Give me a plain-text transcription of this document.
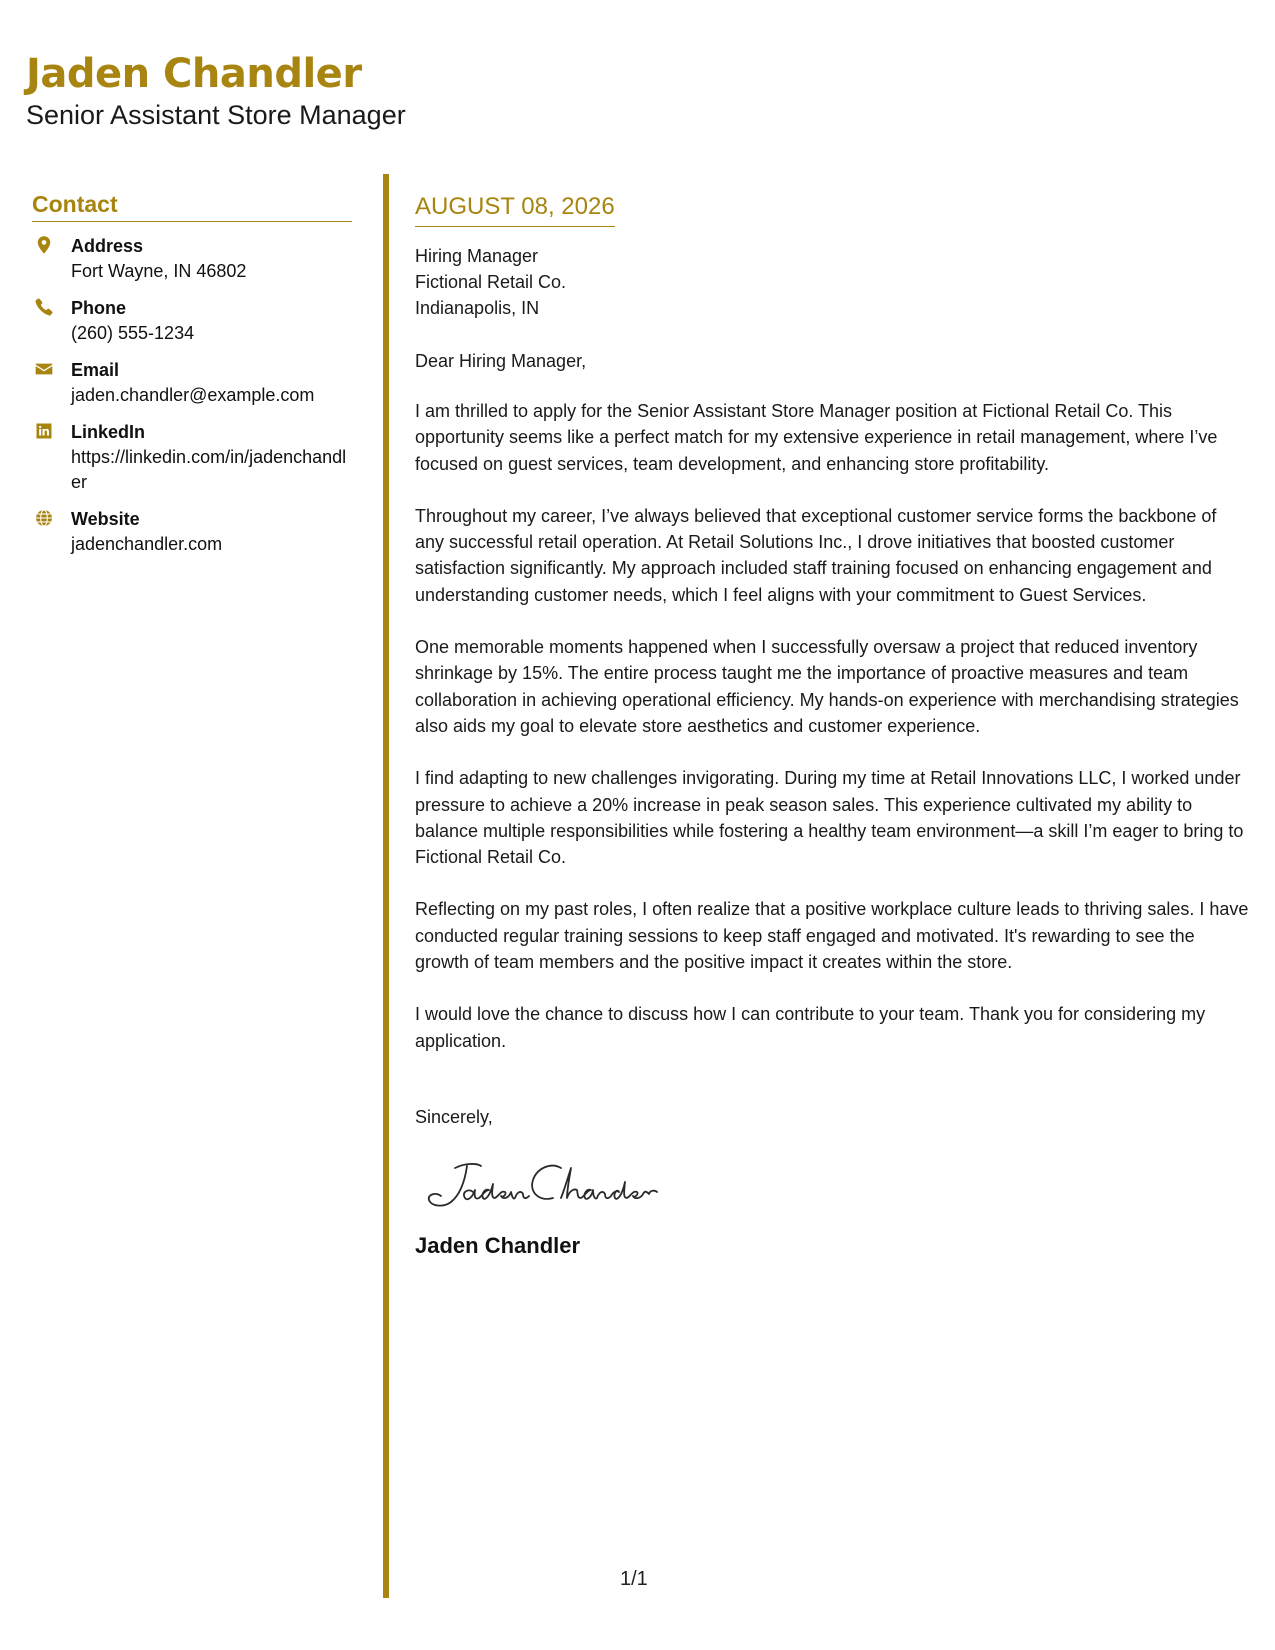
Jaden Chandler

Senior Assistant Store Manager

Contact
Address
Fort Wayne, IN 46802
Phone
(260) 555-1234
Email
jaden.chandler@example.com
LinkedIn
https://linkedin.com/in/jadenchandler
Website
jadenchandler.com
AUGUST 08, 2026

Hiring Manager

Fictional Retail Co.

Indianapolis, IN

Dear Hiring Manager,

I am thrilled to apply for the Senior Assistant Store Manager position at Fictional Retail Co. This opportunity seems like a perfect match for my extensive experience in retail management, where I’ve focused on guest services, team development, and enhancing store profitability.

Throughout my career, I’ve always believed that exceptional customer service forms the backbone of any successful retail operation. At Retail Solutions Inc., I drove initiatives that boosted customer satisfaction significantly. My approach included staff training focused on enhancing engagement and understanding customer needs, which I feel aligns with your commitment to Guest Services.

One memorable moments happened when I successfully oversaw a project that reduced inventory shrinkage by 15%. The entire process taught me the importance of proactive measures and team collaboration in achieving operational efficiency. My hands-on experience with merchandising strategies also aids my goal to elevate store aesthetics and customer experience.

I find adapting to new challenges invigorating. During my time at Retail Innovations LLC, I worked under pressure to achieve a 20% increase in peak season sales. This experience cultivated my ability to balance multiple responsibilities while fostering a healthy team environment—a skill I’m eager to bring to Fictional Retail Co.

Reflecting on my past roles, I often realize that a positive workplace culture leads to thriving sales. I have conducted regular training sessions to keep staff engaged and motivated. It's rewarding to see the growth of team members and the positive impact it creates within the store.

I would love the chance to discuss how I can contribute to your team. Thank you for considering my application.

Sincerely,

Jaden Chandler

1/1
